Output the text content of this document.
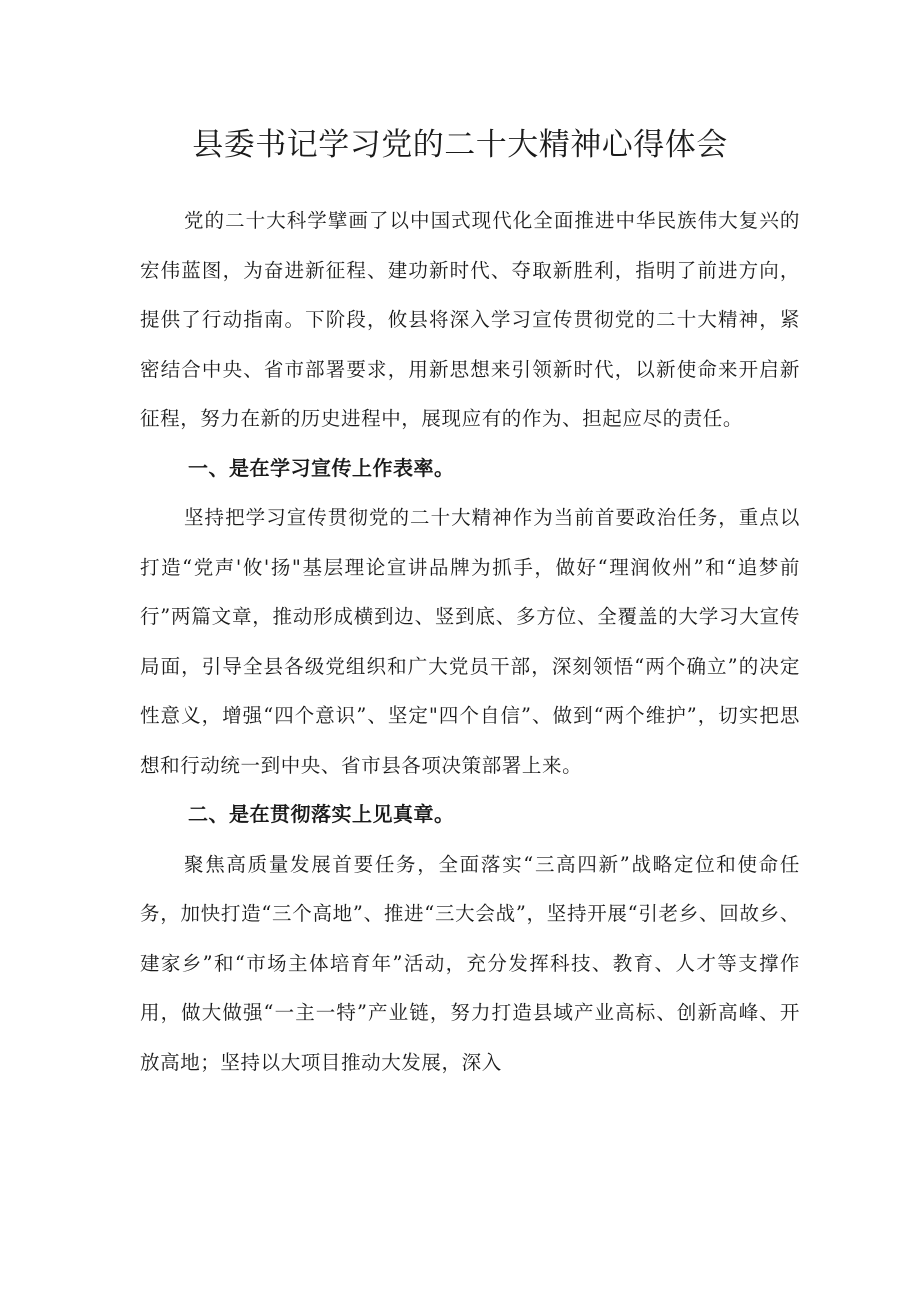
县委书记学习党的二十大精神心得体会

党的二十大科学擘画了以中国式现代化全面推进中华民族伟大复兴的宏伟蓝图，为奋进新征程、建功新时代、夺取新胜利，指明了前进方向，提供了行动指南。下阶段，攸县将深入学习宣传贯彻党的二十大精神，紧密结合中央、省市部署要求，用新思想来引领新时代，以新使命来开启新征程，努力在新的历史进程中，展现应有的作为、担起应尽的责任。

一、是在学习宣传上作表率。

坚持把学习宣传贯彻党的二十大精神作为当前首要政治任务，重点以打造“党声'攸'扬"基层理论宣讲品牌为抓手，做好“理润攸州”和“追梦前行”两篇文章，推动形成横到边、竖到底、多方位、全覆盖的大学习大宣传局面，引导全县各级党组织和广大党员干部，深刻领悟“两个确立”的决定性意义，增强“四个意识”、坚定"四个自信”、做到“两个维护”，切实把思想和行动统一到中央、省市县各项决策部署上来。

二、是在贯彻落实上见真章。

聚焦高质量发展首要任务，全面落实“三高四新”战略定位和使命任务，加快打造“三个高地”、推进“三大会战”，坚持开展“引老乡、回故乡、建家乡”和“市场主体培育年”活动，充分发挥科技、教育、人才等支撑作用，做大做强“一主一特”产业链，努力打造县域产业高标、创新高峰、开放高地；坚持以大项目推动大发展，深入
